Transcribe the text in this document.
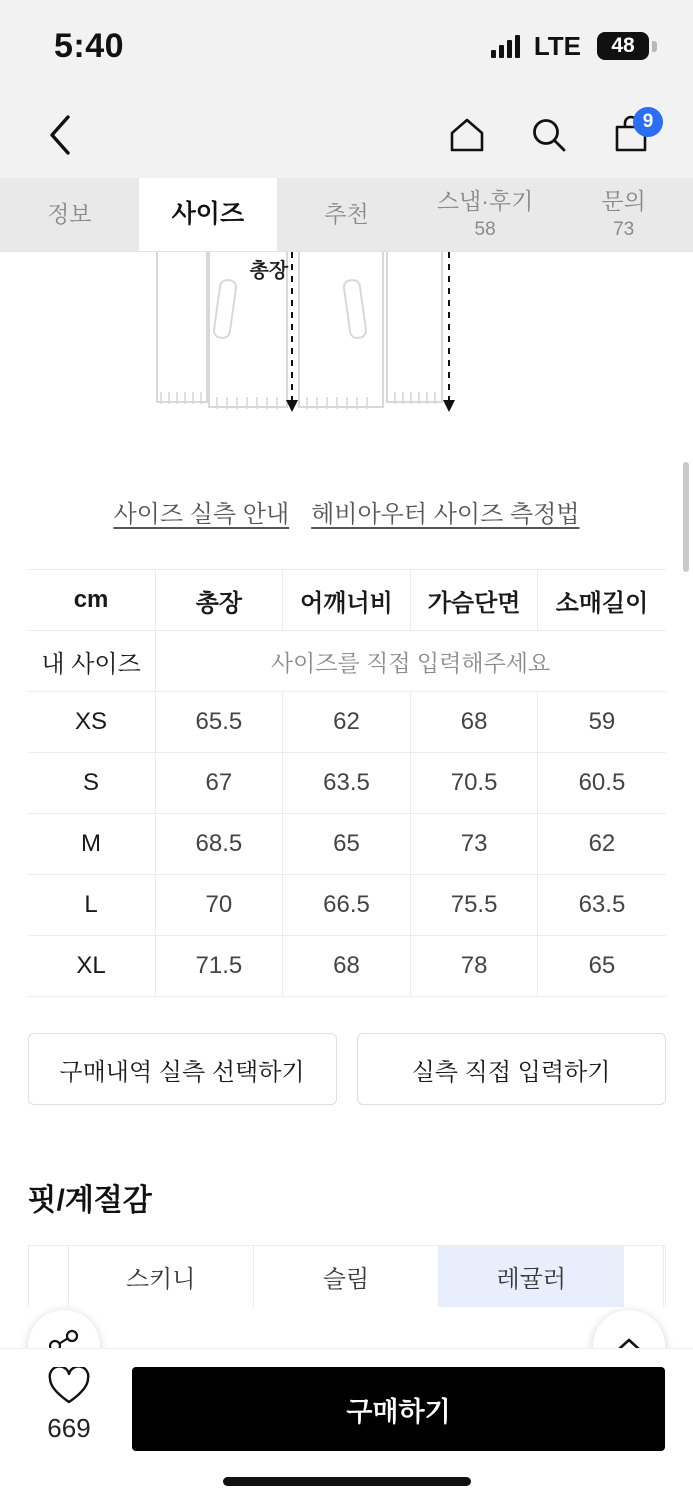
5:40	LTE 48
9
정보	사이즈	추천	스냅·후기
58
문의
73
총장
사이즈 실측 안내 헤비아우터 사이즈 측정법
cm	총장	어깨너비	가슴단면	소매길이
내 사이즈	사이즈를 직접 입력해주세요			
XS	65.5	62	68	59
S	67	63.5	70.5	60.5
M	68.5	65	73	62
L	70	66.5	75.5	63.5
XL	71.5	68	78	65
구매내역 실측 선택하기	실측 직접 입력하기
핏/계절감
스키니	슬림	레귤러
669
구매하기
